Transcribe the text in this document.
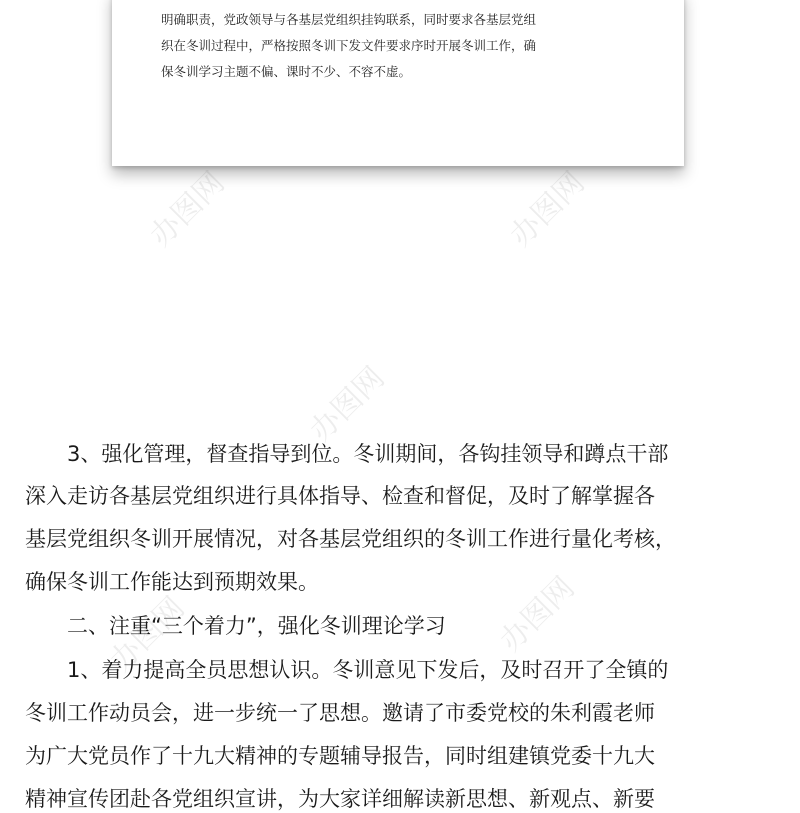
明确职责，党政领导与各基层党组织挂钩联系，同时要求各基层党组
织在冬训过程中，严格按照冬训下发文件要求序时开展冬训工作，确
保冬训学习主题不偏、课时不少、不容不虚。
办图网	办图网
办图网
办图网
办图网
3、强化管理，督查指导到位。冬训期间，各钩挂领导和蹲点干部
深入走访各基层党组织进行具体指导、检查和督促，及时了解掌握各
基层党组织冬训开展情况，对各基层党组织的冬训工作进行量化考核，
确保冬训工作能达到预期效果。
二、注重“三个着力”，强化冬训理论学习
1、着力提高全员思想认识。冬训意见下发后，及时召开了全镇的
冬训工作动员会，进一步统一了思想。邀请了市委党校的朱利霞老师
为广大党员作了十九大精神的专题辅导报告，同时组建镇党委十九大
精神宣传团赴各党组织宣讲，为大家详细解读新思想、新观点、新要
